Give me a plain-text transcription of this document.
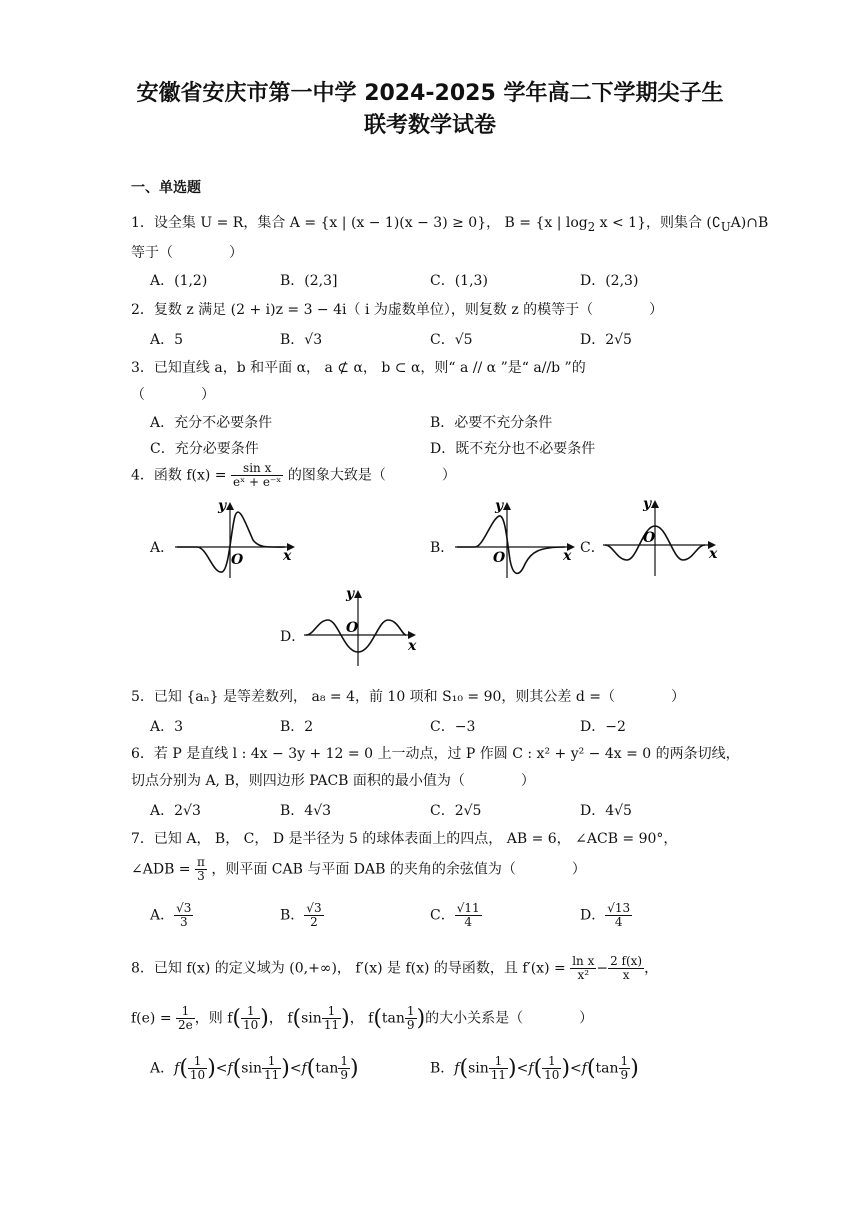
安徽省安庆市第一中学 2024-2025 学年高二下学期尖子生
联考数学试卷
一、单选题
1．设全集 U = R，集合 A = {x | (x − 1)(x − 3) ≥ 0}， B = {x | $\log_2 x < 1$}，则集合 $(∁_UA)\cap B$
等于（　　　　）
A．(1,2)	B．(2,3]	C．(1,3)	D．(2,3)
2．复数 z 满足 (2 + i)z = 3 − 4i（ i 为虚数单位），则复数 z 的模等于（　　　　）
A．5	B．√3	C．√5	D．2√5
3．已知直线 a，b 和平面 α， a ⊄ α， b ⊂ α，则“ a // α ”是“ a//b ”的
（　　　　）
A．充分不必要条件	B．必要不充分条件
C．充分必要条件	D．既不充分也不必要条件
4．函数 $f(x) = \frac{\text{sin x}}{\text{eˣ + e⁻ˣ}}$ 的图象大致是（　　　　）
A．
y
x
O
B．
y
x
O
C．
y
x
O
D．
y
x
O
5．已知 {aₙ} 是等差数列， a₈ = 4，前 10 项和 S₁₀ = 90，则其公差 d =（　　　　）
A．3	B．2	C．−3	D．−2
6．若 P 是直线 l : 4x − 3y + 12 = 0 上一动点，过 P 作圆 C : x² + y² − 4x = 0 的两条切线，
切点分别为 A, B，则四边形 PACB 面积的最小值为（　　　　）
A．2√3	B．4√3	C．2√5	D．4√5
7．已知 A， B， C， D 是半径为 5 的球体表面上的四点， AB = 6， ∠ACB = 90°，
∠ADB = $\frac{\pi}{3}$ ，则平面 CAB 与平面 DAB 的夹角的余弦值为（　　　　）
A． $\frac{√3}{3}$	B． $\frac{√3}{2}$	C． $\frac{√11}{4}$	D． $\frac{√13}{4}$
8．已知 f(x) 的定义域为 (0,+∞)， f′(x) 是 f(x) 的导函数，且 $f'(x) = \frac{\text{ln x}}{\text{x²}} - \frac{2 f(x)}{x}$ ，
$f(e) = \frac{1}{2e}$ ，则 $f( \frac{1}{10}$ )， $f(\sin \frac{1}{11}$ )， $f(\tan \frac{1}{9}$ )的大小关系是（　　　　）
A．$f( \frac{1}{10} )<f(\sin \frac{1}{11} )<f(\tan \frac{1}{9}$ )	B．$f(\sin \frac{1}{11} )<f( \frac{1}{10} )<f(\tan \frac{1}{9}$ )
